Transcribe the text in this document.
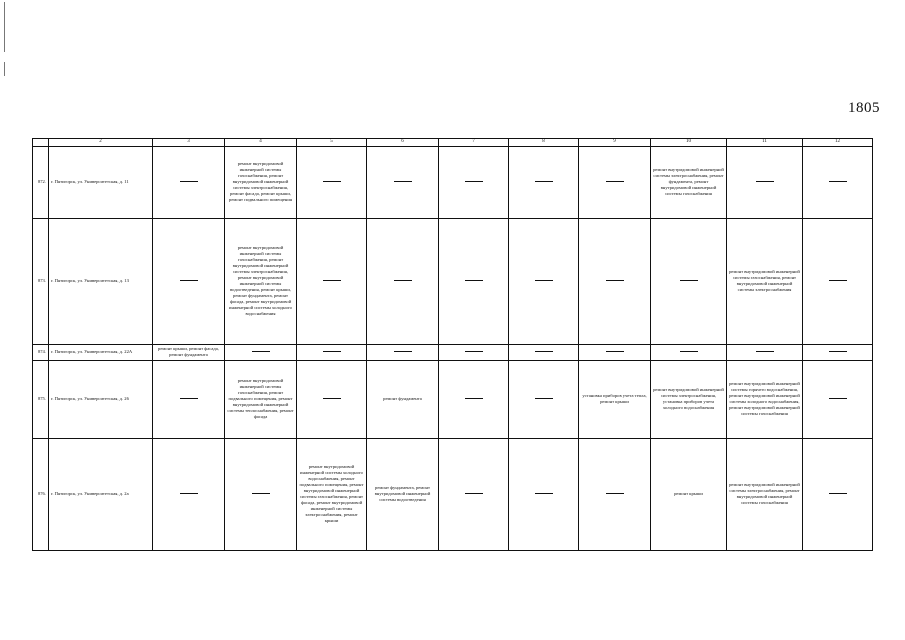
1805
	2	3	4	5	6	7	8	9	10	11	12
872.	г. Пятигорск, ул. Университетская, д. 11		ремонт внутридомовой инженерной системы газоснабжения, ремонт внутридомовой инженерной системы электроснабжения, ремонт фасада, ремонт крыши, ремонт подвального помещения						ремонт внутридомовой инженерной системы электроснабжения, ремонт фундамента, ремонт внутридомовой инженерной системы газоснабжения		
873.	г. Пятигорск, ул. Университетская, д. 13		ремонт внутридомовой инженерной системы газоснабжения, ремонт внутридомовой инженерной системы электроснабжения, ремонт внутридомовой инженерной системы водоотведения, ремонт крыши, ремонт фундамента, ремонт фасада, ремонт внутридомовой инженерной системы холодного водоснабжения							ремонт внутридомовой инженерной системы газоснабжения, ремонт внутридомовой инженерной системы электроснабжения	
874.	г. Пятигорск, ул. Университетская, д. 22А	ремонт крыши, ремонт фасада, ремонт фундамента									
875.	г. Пятигорск, ул. Университетская, д. 26		ремонт внутридомовой инженерной системы газоснабжения, ремонт подвального помещения, ремонт внутридомовой инженерной системы теплоснабжения, ремонт фасада		ремонт фундамента			установка приборов учета тепла, ремонт крыши	ремонт внутридомовой инженерной системы электроснабжения, установка приборов учета холодного водоснабжения	ремонт внутридомовой инженерной системы горячего водоснабжения, ремонт внутридомовой инженерной системы холодного водоснабжения, ремонт внутридомовой инженерной системы газоснабжения	
876.	г. Пятигорск, ул. Университетская, д. 2а			ремонт внутридомовой инженерной системы холодного водоснабжения, ремонт подвального помещения, ремонт внутридомовой инженерной системы газоснабжения, ремонт фасада, ремонт внутридомовой инженерной системы электроснабжения, ремонт крыши	ремонт фундамента, ремонт внутридомовой инженерной системы водоотведения				ремонт крыши	ремонт внутридомовой инженерной системы электроснабжения, ремонт внутридомовой инженерной системы газоснабжения	
